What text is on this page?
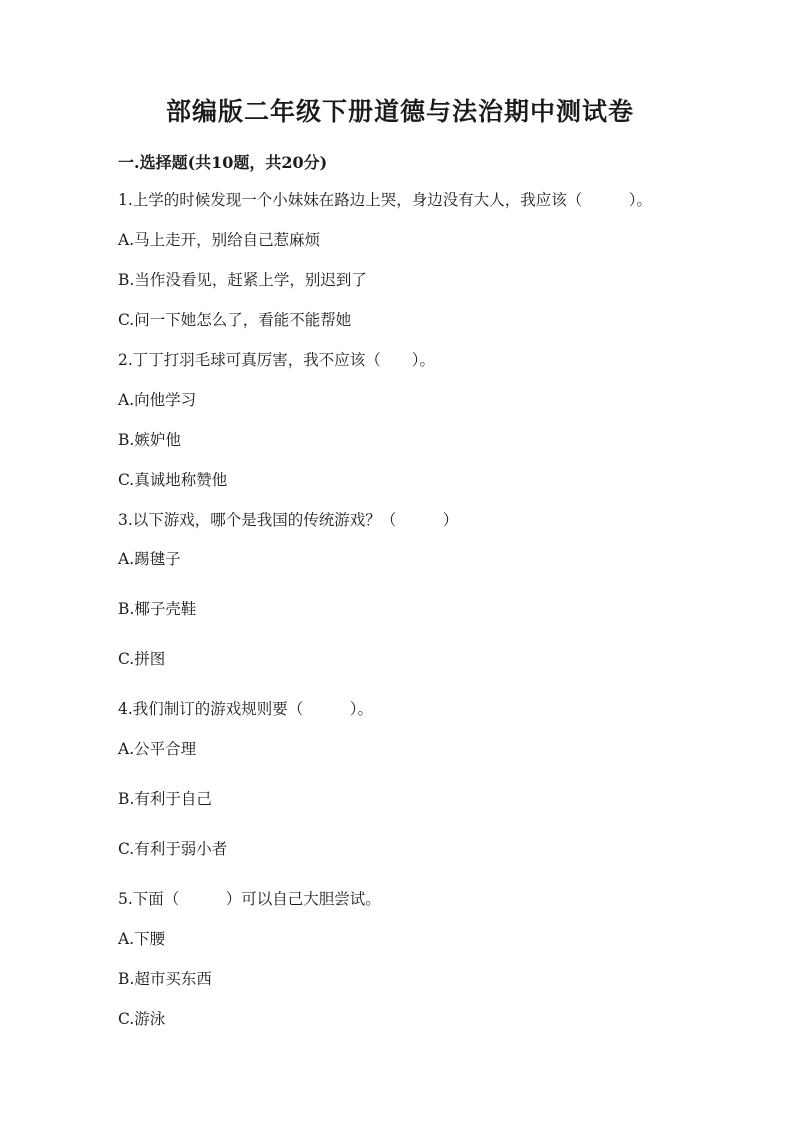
部编版二年级下册道德与法治期中测试卷
一.选择题(共10题，共20分)
1.上学的时候发现一个小妹妹在路边上哭，身边没有大人，我应该（　　　）。
A.马上走开，别给自己惹麻烦
B.当作没看见，赶紧上学，别迟到了
C.问一下她怎么了，看能不能帮她
2.丁丁打羽毛球可真厉害，我不应该（　　）。
A.向他学习
B.嫉妒他
C.真诚地称赞他
3.以下游戏，哪个是我国的传统游戏？（　　　）
A.踢毽子
B.椰子壳鞋
C.拼图
4.我们制订的游戏规则要（　　　）。
A.公平合理
B.有利于自己
C.有利于弱小者
5.下面（　　　）可以自己大胆尝试。
A.下腰
B.超市买东西
C.游泳
